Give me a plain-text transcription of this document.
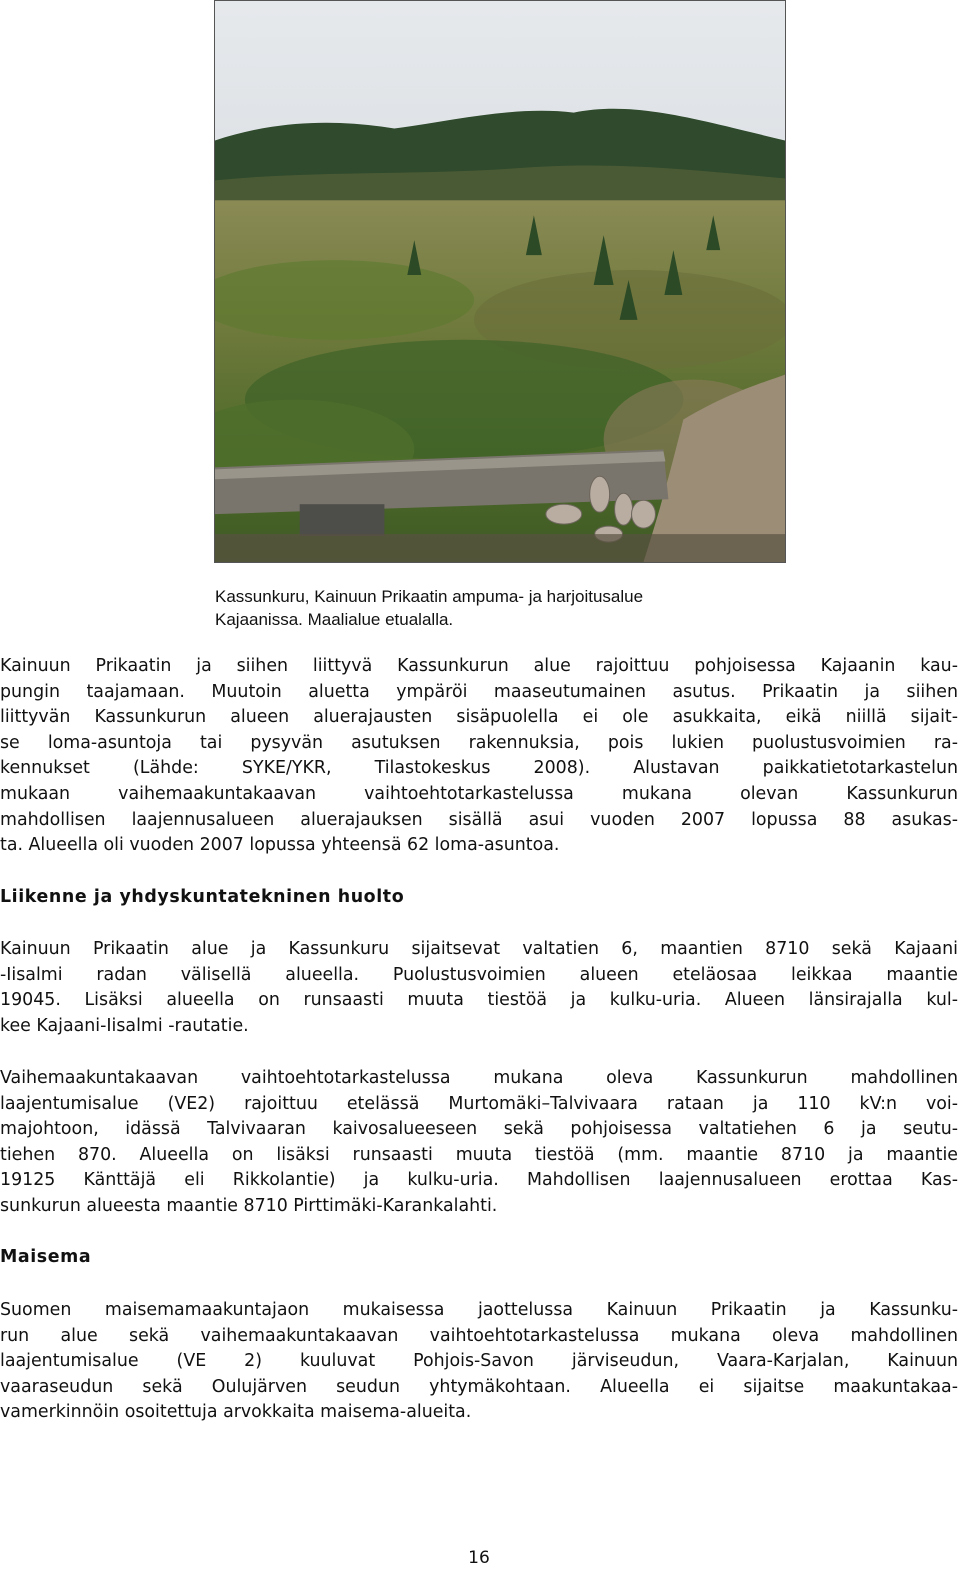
Kassunkuru, Kainuun Prikaatin ampuma- ja harjoitusalue
Kajaanissa. Maalialue etualalla.
Kainuun Prikaatin ja siihen liittyvä Kassunkurun alue rajoittuu pohjoisessa Kajaanin kau-
pungin taajamaan. Muutoin aluetta ympäröi maaseutumainen asutus. Prikaatin ja siihen
liittyvän Kassunkurun alueen aluerajausten sisäpuolella ei ole asukkaita, eikä niillä sijait-
se loma-asuntoja tai pysyvän asutuksen rakennuksia, pois lukien puolustusvoimien ra-
kennukset (Lähde: SYKE/YKR, Tilastokeskus 2008). Alustavan paikkatietotarkastelun
mukaan vaihemaakuntakaavan vaihtoehtotarkastelussa mukana olevan Kassunkurun
mahdollisen laajennusalueen aluerajauksen sisällä asui vuoden 2007 lopussa 88 asukas-
ta. Alueella oli vuoden 2007 lopussa yhteensä 62 loma-asuntoa.
Liikenne ja yhdyskuntatekninen huolto
Kainuun Prikaatin alue ja Kassunkuru sijaitsevat valtatien 6, maantien 8710 sekä Kajaani
-Iisalmi radan välisellä alueella. Puolustusvoimien alueen eteläosaa leikkaa maantie
19045. Lisäksi alueella on runsaasti muuta tiestöä ja kulku-uria. Alueen länsirajalla kul-
kee Kajaani-Iisalmi -rautatie.
Vaihemaakuntakaavan vaihtoehtotarkastelussa mukana oleva Kassunkurun mahdollinen
laajentumisalue (VE2) rajoittuu etelässä Murtomäki–Talvivaara rataan ja 110 kV:n voi-
majohtoon, idässä Talvivaaran kaivosalueeseen sekä pohjoisessa valtatiehen 6 ja seutu-
tiehen 870. Alueella on lisäksi runsaasti muuta tiestöä (mm. maantie 8710 ja maantie
19125 Känttäjä eli Rikkolantie) ja kulku-uria. Mahdollisen laajennusalueen erottaa Kas-
sunkurun alueesta maantie 8710 Pirttimäki-Karankalahti.
Maisema
Suomen maisemamaakuntajaon mukaisessa jaottelussa Kainuun Prikaatin ja Kassunku-
run alue sekä vaihemaakuntakaavan vaihtoehtotarkastelussa mukana oleva mahdollinen
laajentumisalue (VE 2) kuuluvat Pohjois-Savon järviseudun, Vaara-Karjalan, Kainuun
vaaraseudun sekä Oulujärven seudun yhtymäkohtaan. Alueella ei sijaitse maakuntakaa-
vamerkinnöin osoitettuja arvokkaita maisema-alueita.
16
